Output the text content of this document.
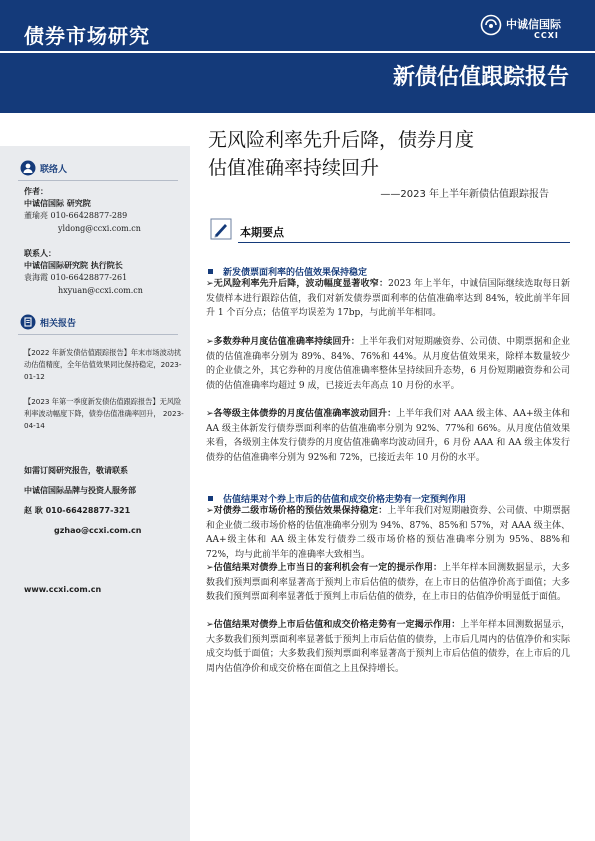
债券市场研究	中诚信国际
CCXI
新债估值跟踪报告
联络人
作者：
中诚信国际 研究院
董瑜亮 010-66428877-289
yldong@ccxi.com.cn
联系人：
中诚信国际研究院 执行院长
袁海霞 010-66428877-261
hxyuan@ccxi.com.cn
相关报告
【2022 年新发债估值跟踪报告】年末市场波动扰动估值精度，全年估值效果同比保持稳定，2023-01-12
【2023 年第一季度新发债估值跟踪报告】无风险利率波动幅度下降，债券估值准确率回升， 2023-04-14
如需订阅研究报告，敬请联系
中诚信国际品牌与投资人服务部
赵 耿 010-66428877-321
gzhao@ccxi.com.cn
www.ccxi.com.cn
无风险利率先升后降，债券月度
估值准确率持续回升
——2023 年上半年新债估值跟踪报告
本期要点
新发债票面利率的估值效果保持稳定
➢无风险利率先升后降，波动幅度显著收窄：2023 年上半年，中诚信国际继续选取每日新发债样本进行跟踪估值，我们对新发债券票面利率的估值准确率达到 84%，较此前半年回升 1 个百分点；估值平均误差为 17bp，与此前半年相同。
➢多数券种月度估值准确率持续回升：上半年我们对短期融资券、公司债、中期票据和企业债的估值准确率分别为 89%、84%、76%和 44%。从月度估值效果来，除样本数量较少的企业债之外，其它券种的月度估值准确率整体呈持续回升态势，6 月份短期融资券和公司债的估值准确率均超过 9 成，已接近去年高点 10 月份的水平。
➢各等级主体债券的月度估值准确率波动回升：上半年我们对 AAA 级主体、AA+级主体和 AA 级主体新发行债券票面利率的估值准确率分别为 92%、77%和 66%。从月度估值效果来看，各级别主体发行债券的月度估值准确率均波动回升，6 月份 AAA 和 AA 级主体发行债券的估值准确率分别为 92%和 72%，已接近去年 10 月份的水平。
估值结果对个券上市后的估值和成交价格走势有一定预判作用
➢对债券二级市场价格的预估效果保持稳定：上半年我们对短期融资券、公司债、中期票据和企业债二级市场价格的估值准确率分别为 94%、87%、85%和 57%，对 AAA 级主体、AA+级主体和 AA 级主体发行债券二级市场价格的预估准确率分别为 95%、88%和 72%，均与此前半年的准确率大致相当。
➢估值结果对债券上市当日的套利机会有一定的提示作用：上半年样本回测数据显示，大多数我们预判票面利率显著高于预判上市后估值的债券，在上市日的估值净价高于面值；大多数我们预判票面利率显著低于预判上市后估值的债券，在上市日的估值净价明显低于面值。
➢估值结果对债券上市后估值和成交价格走势有一定揭示作用：上半年样本回测数据显示，大多数我们预判票面利率显著低于预判上市后估值的债券，上市后几周内的估值净价和实际成交均低于面值；大多数我们预判票面利率显著高于预判上市后估值的债券，在上市后的几周内估值净价和成交价格在面值之上且保持增长。
